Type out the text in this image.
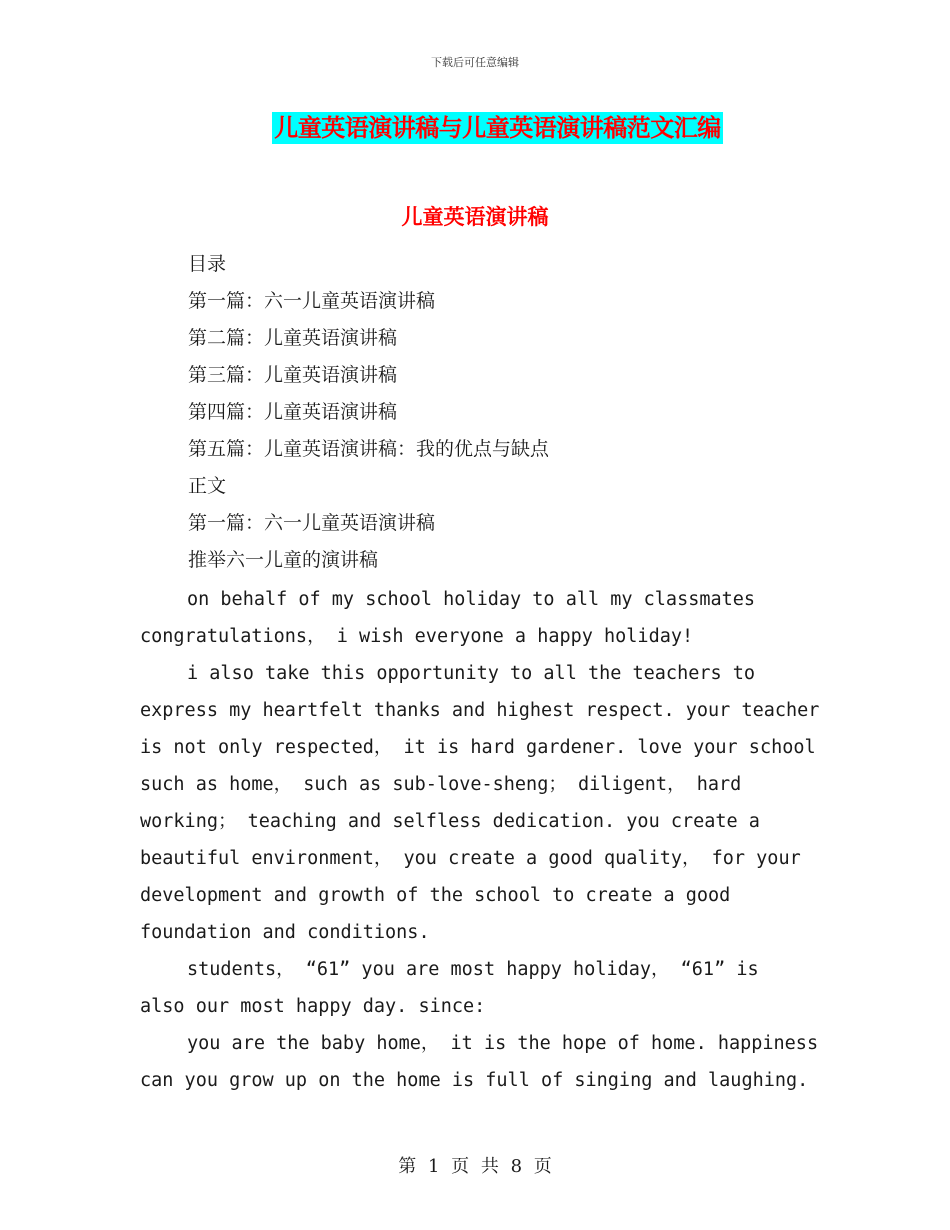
下载后可任意编辑
儿童英语演讲稿与儿童英语演讲稿范文汇编
儿童英语演讲稿
目录
第一篇：六一儿童英语演讲稿
第二篇：儿童英语演讲稿
第三篇：儿童英语演讲稿
第四篇：儿童英语演讲稿
第五篇：儿童英语演讲稿：我的优点与缺点
正文
第一篇：六一儿童英语演讲稿
推举六一儿童的演讲稿

on behalf of my school holiday to all my classmates
congratulations， i wish everyone a happy holiday!

i also take this opportunity to all the teachers to
express my heartfelt thanks and highest respect. your teacher
is not only respected， it is hard gardener. love your school
such as home， such as sub-love-sheng； diligent， hard
working； teaching and selfless dedication. you create a
beautiful environment， you create a good quality， for your
development and growth of the school to create a good
foundation and conditions.

students， “61” you are most happy holiday， “61” is
also our most happy day. since:

you are the baby home， it is the hope of home. happiness
can you grow up on the home is full of singing and laughing.

第 1 页 共 8 页
